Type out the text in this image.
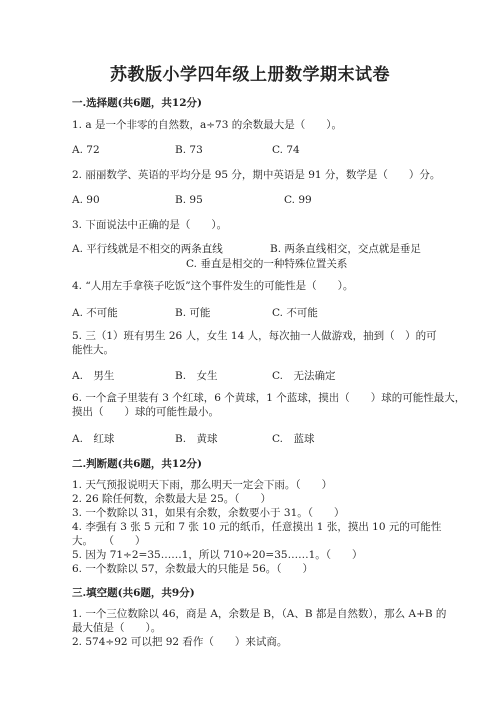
苏教版小学四年级上册数学期末试卷
一.选择题(共6题，共12分)
1. a 是一个非零的自然数，a÷73 的余数最大是（　　）。
A. 72	B. 73	C. 74
2. 丽丽数学、英语的平均分是 95 分，期中英语是 91 分，数学是（　　）分。
A. 90	B. 95	C. 99
3. 下面说法中正确的是（　　）。
A. 平行线就是不相交的两条直线	B. 两条直线相交，交点就是垂足
C. 垂直是相交的一种特殊位置关系
4. “人用左手拿筷子吃饭”这个事件发生的可能性是（　　）。
A. 不可能	B. 可能	C. 不可能
5. 三（1）班有男生 26 人，女生 14 人，每次抽一人做游戏，抽到（　）的可
能性大。
A.　男生	B.　女生	C.　无法确定
6. 一个盒子里装有 3 个红球，6 个黄球，1 个蓝球，摸出（　　）球的可能性最大，
摸出（　　）球的可能性最小。
A.　红球	B.　黄球	C.　蓝球
二.判断题(共6题，共12分)
1. 天气预报说明天下雨，那么明天一定会下雨。（　　）
2. 26 除任何数，余数最大是 25。（　　）
3. 一个数除以 31，如果有余数，余数要小于 31。（　　）
4. 李强有 3 张 5 元和 7 张 10 元的纸币，任意摸出 1 张，摸出 10 元的可能性
大。　　（　　）
5. 因为 71÷2=35……1，所以 710÷20=35……1。（　　）
6. 一个数除以 57，余数最大的只能是 56。（　　）
三.填空题(共6题，共9分)
1. 一个三位数除以 46，商是 A，余数是 B，（A、B 都是自然数），那么 A+B 的
最大值是（　　）。
2. 574÷92 可以把 92 看作（　　）来试商。
